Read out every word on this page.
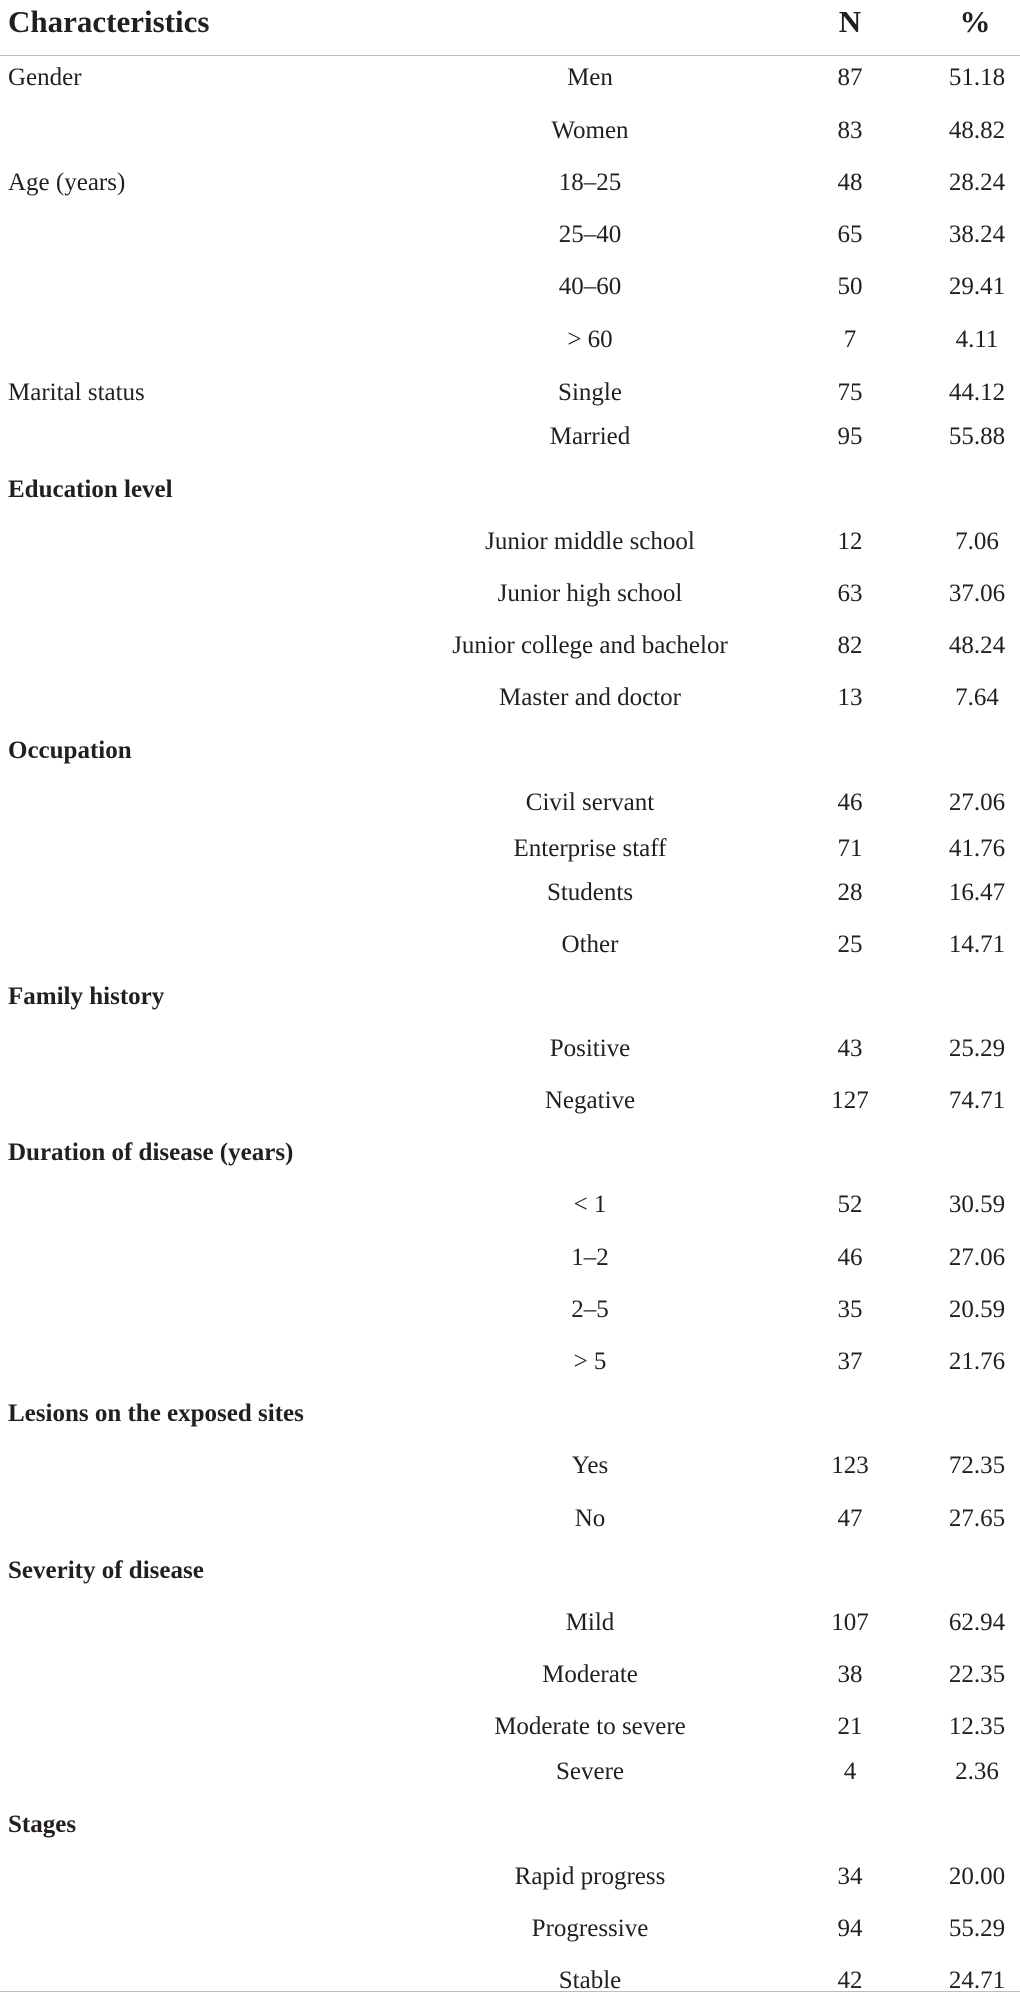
Characteristics	N	%
Gender	Men	87	51.18
Women	83	48.82
Age (years)	18–25	48	28.24
25–40	65	38.24
40–60	50	29.41
> 60	7	4.11
Marital status	Single	75	44.12
Married	95	55.88
Education level
Junior middle school	12	7.06
Junior high school	63	37.06
Junior college and bachelor	82	48.24
Master and doctor	13	7.64
Occupation
Civil servant	46	27.06
Enterprise staff	71	41.76
Students	28	16.47
Other	25	14.71
Family history
Positive	43	25.29
Negative	127	74.71
Duration of disease (years)
< 1	52	30.59
1–2	46	27.06
2–5	35	20.59
> 5	37	21.76
Lesions on the exposed sites
Yes	123	72.35
No	47	27.65
Severity of disease
Mild	107	62.94
Moderate	38	22.35
Moderate to severe	21	12.35
Severe	4	2.36
Stages
Rapid progress	34	20.00
Progressive	94	55.29
Stable	42	24.71
